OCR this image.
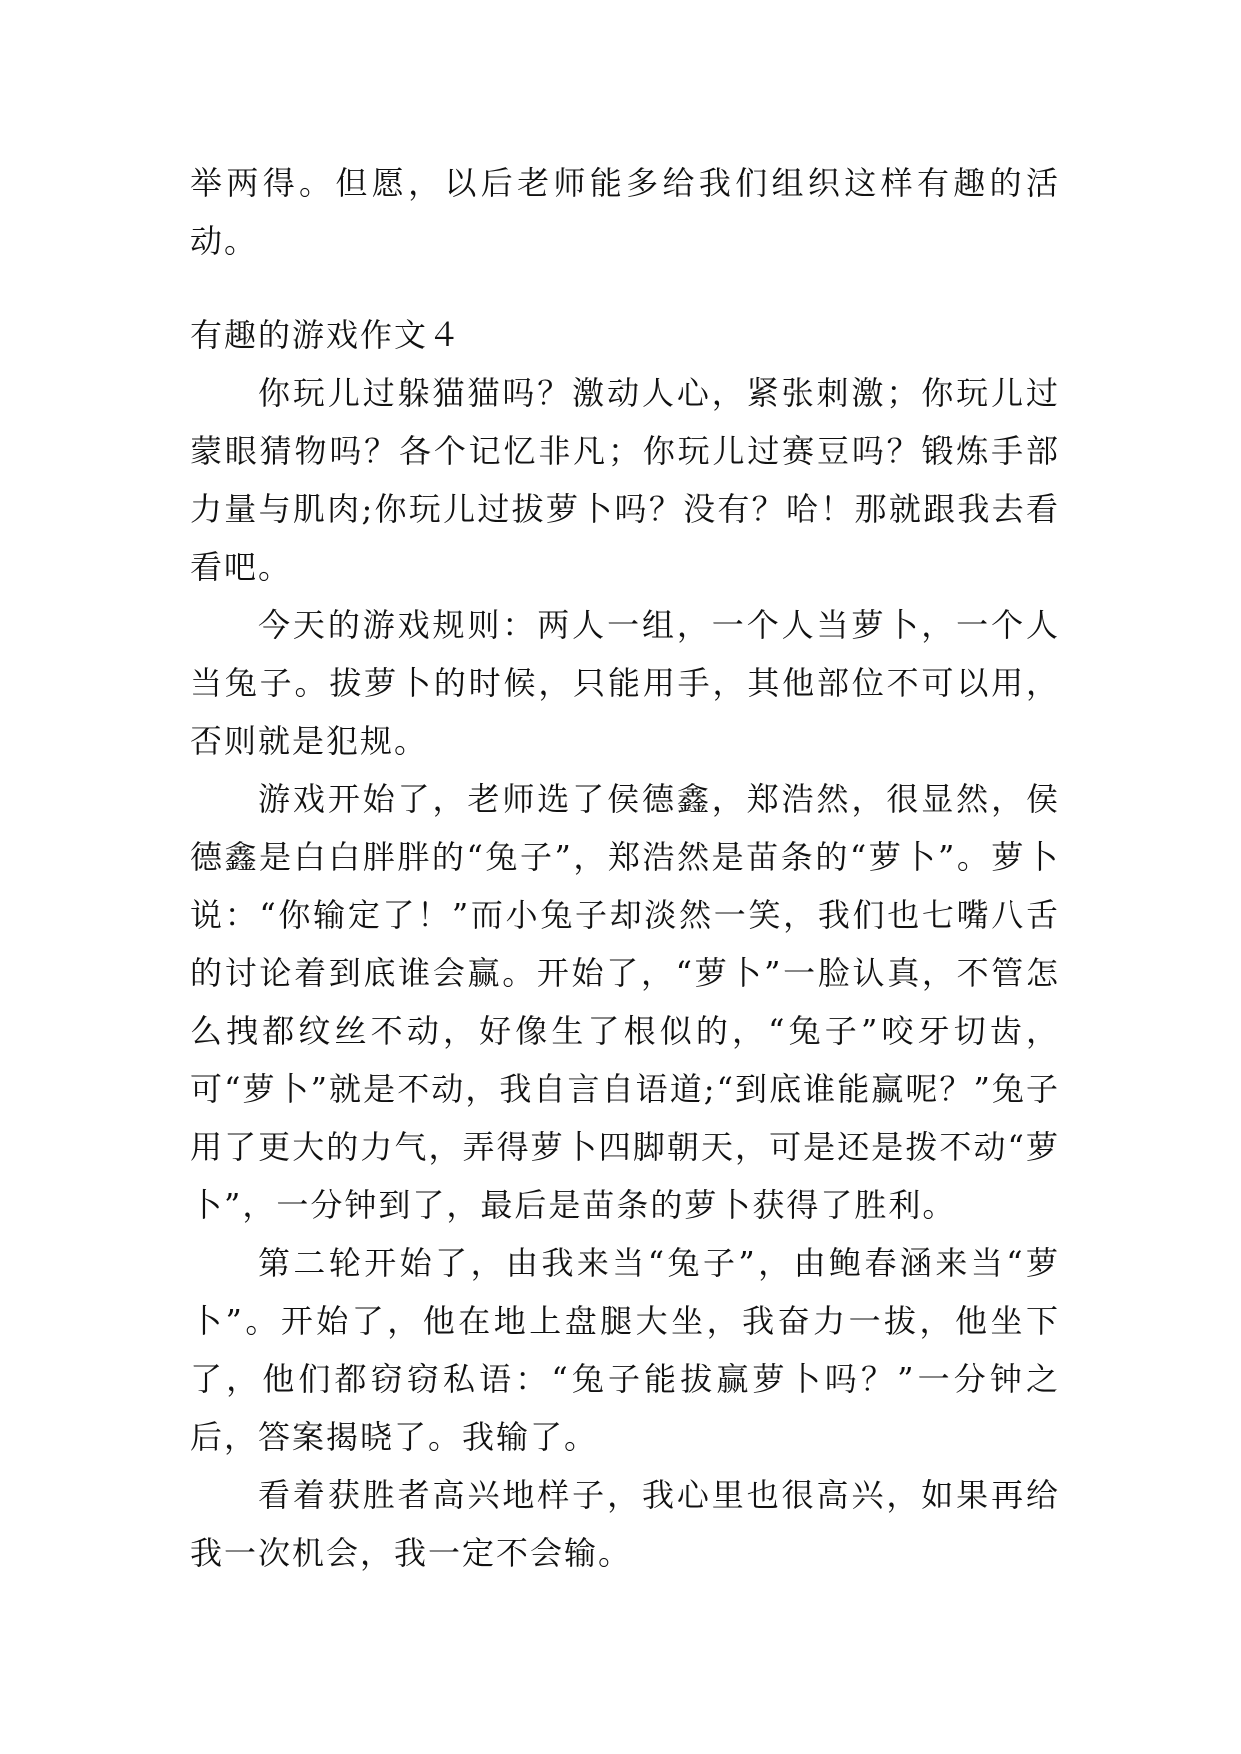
举两得。但愿，以后老师能多给我们组织这样有趣的活动。

有趣的游戏作文４

你玩儿过躲猫猫吗？激动人心，紧张刺激；你玩儿过蒙眼猜物吗？各个记忆非凡；你玩儿过赛豆吗？锻炼手部力量与肌肉;你玩儿过拔萝卜吗？没有？哈！那就跟我去看看吧。

今天的游戏规则：两人一组，一个人当萝卜，一个人当兔子。拔萝卜的时候，只能用手，其他部位不可以用，否则就是犯规。

游戏开始了，老师选了侯德鑫，郑浩然，很显然，侯德鑫是白白胖胖的“兔子”，郑浩然是苗条的“萝卜”。萝卜说：“你输定了！”而小兔子却淡然一笑，我们也七嘴八舌的讨论着到底谁会赢。开始了，“萝卜”一脸认真，不管怎么拽都纹丝不动，好像生了根似的，“兔子”咬牙切齿，可“萝卜”就是不动，我自言自语道;“到底谁能赢呢？”兔子用了更大的力气，弄得萝卜四脚朝天，可是还是拨不动“萝卜”，一分钟到了，最后是苗条的萝卜获得了胜利。

第二轮开始了，由我来当“兔子”，由鲍春涵来当“萝卜”。开始了，他在地上盘腿大坐，我奋力一拔，他坐下了，他们都窃窃私语：“兔子能拔赢萝卜吗？”一分钟之后，答案揭晓了。我输了。

看着获胜者高兴地样子，我心里也很高兴，如果再给我一次机会，我一定不会输。
